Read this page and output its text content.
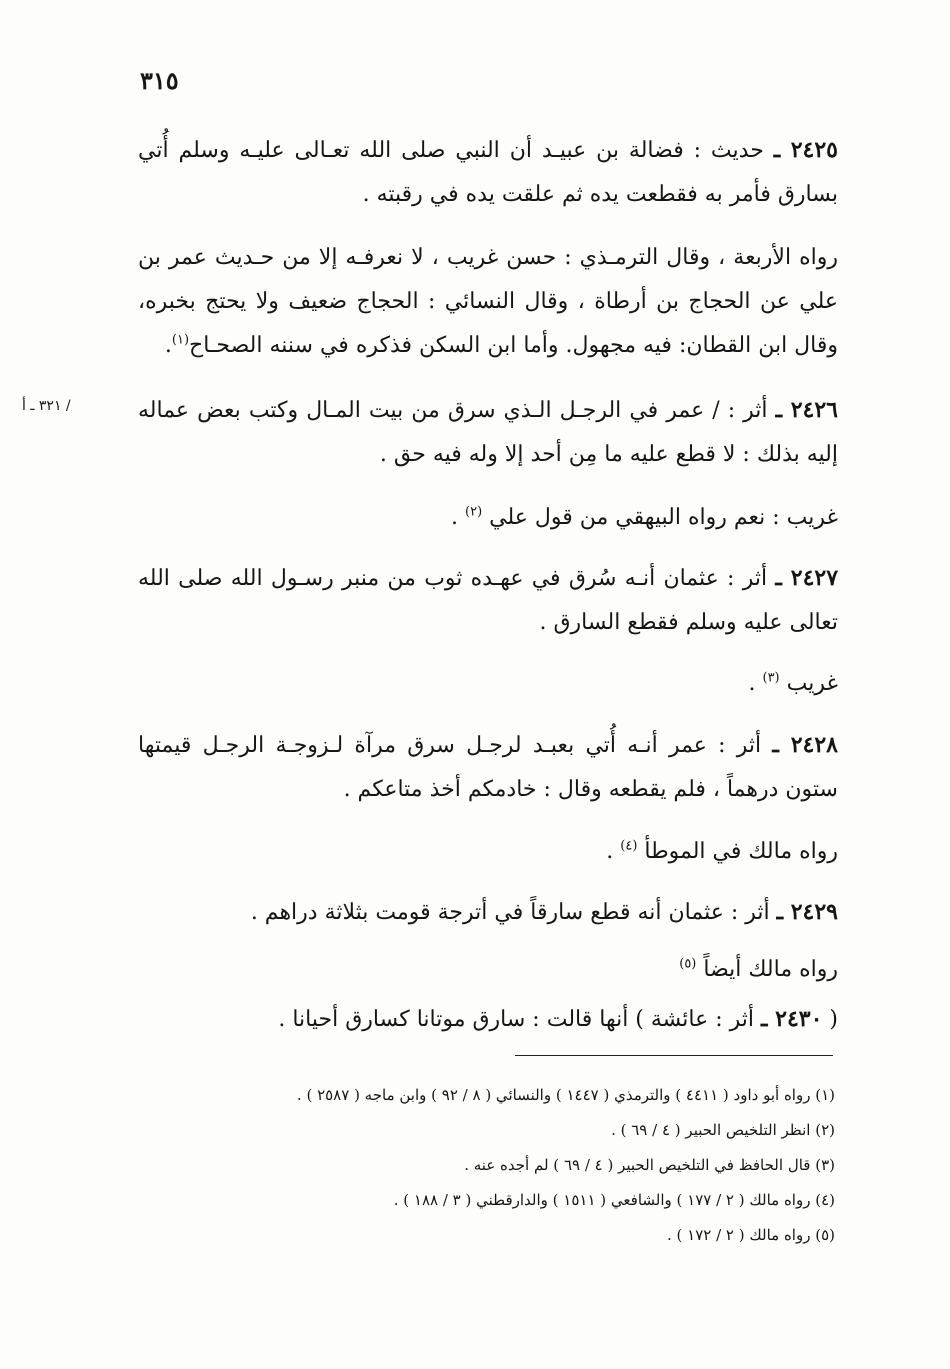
٣١٥
/ ٣٢١ ـ أ
٢٤٢٥ ـ حديث : فضالة بن عبيـد أن النبي صلى الله تعـالى عليـه وسلم أُتي بسارق فأمر به فقطعت يده ثم علقت يده في رقبته .
رواه الأربعة ، وقال الترمـذي : حسن غريب ، لا نعرفـه إلا من حـديث عمر بن علي عن الحجاج بن أرطاة ، وقال النسائي : الحجاج ضعيف ولا يحتج بخبره، وقال ابن القطان: فيه مجهول. وأما ابن السكن فذكره في سننه الصحـاح$^{(١)}$.
٢٤٢٦ ـ أثر : / عمر في الرجـل الـذي سرق من بيت المـال وكتب بعض عماله إليه بذلك : لا قطع عليه ما مِن أحد إلا وله فيه حق .
غريب : نعم رواه البيهقي من قول علي $^{(٢)}$ .
٢٤٢٧ ـ أثر : عثمان أنـه سُرق في عهـده ثوب من منبر رسـول الله صلى الله تعالى عليه وسلم فقطع السارق .
غريب $^{(٣)}$ .
٢٤٢٨ ـ أثر : عمر أنـه أُتي بعبـد لرجـل سرق مرآة لـزوجـة الرجـل قيمتها ستون درهماً ، فلم يقطعه وقال : خادمكم أخذ متاعكم .
رواه مالك في الموطأ $^{(٤)}$ .
٢٤٢٩ ـ أثر : عثمان أنه قطع سارقاً في أترجة قومت بثلاثة دراهم .
رواه مالك أيضاً $^{(٥)}$
( ٢٤٣٠ ـ أثر : عائشة ) أنها قالت : سارق موتانا كسارق أحيانا .
(١) رواه أبو داود ( ٤٤١١ ) والترمذي ( ١٤٤٧ ) والنسائي ( ٨ / ٩٢ ) وابن ماجه ( ٢٥٨٧ ) .
(٢) انظر التلخيص الحبير ( ٤ / ٦٩ ) .
(٣) قال الحافظ في التلخيص الحبير ( ٤ / ٦٩ ) لم أجده عنه .
(٤) رواه مالك ( ٢ / ١٧٧ ) والشافعي ( ١٥١١ ) والدارقطني ( ٣ / ١٨٨ ) .
(٥) رواه مالك ( ٢ / ١٧٢ ) .
